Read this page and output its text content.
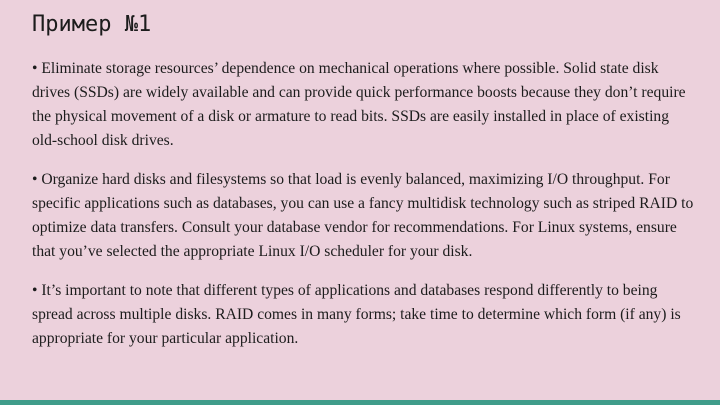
Пример №1

• Eliminate storage resources’ dependence on mechanical operations where possible. Solid state disk drives (SSDs) are widely available and can provide quick performance boosts because they don’t require the physical movement of a disk or armature to read bits. SSDs are easily installed in place of existing old-school disk drives.

• Organize hard disks and filesystems so that load is evenly balanced, maximizing I/O throughput. For specific applications such as databases, you can use a fancy multidisk technology such as striped RAID to optimize data transfers. Consult your database vendor for recommendations. For Linux systems, ensure that you’ve selected the appropriate Linux I/O scheduler for your disk.

• It’s important to note that different types of applications and databases respond differently to being spread across multiple disks. RAID comes in many forms; take time to determine which form (if any) is appropriate for your particular application.
